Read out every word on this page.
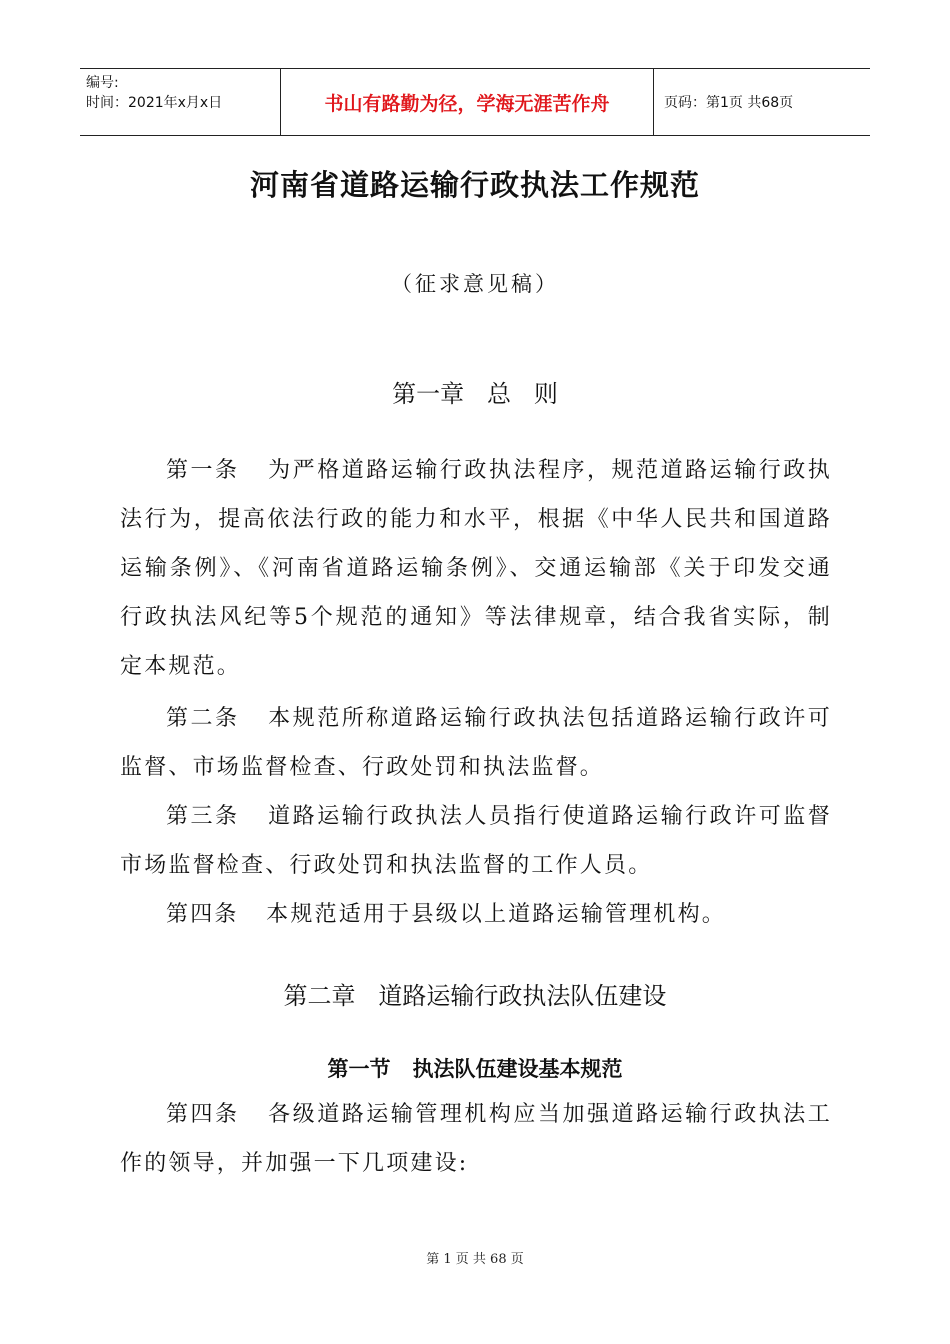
编号:
时间：2021年x月x日	书山有路勤为径，学海无涯苦作舟	页码：第1页 共68页
河南省道路运输行政执法工作规范
（征求意见稿）
第一章   总   则
第一条   为严格道路运输行政执法程序，规范道路运输行政执法行为，提高依法行政的能力和水平，根据《中华人民共和国道路运输条例》、《河南省道路运输条例》、交通运输部《关于印发交通行政执法风纪等5个规范的通知》等法律规章，结合我省实际，制定本规范。
第二条   本规范所称道路运输行政执法包括道路运输行政许可监督、市场监督检查、行政处罚和执法监督。
第三条   道路运输行政执法人员指行使道路运输行政许可监督市场监督检查、行政处罚和执法监督的工作人员。
第四条   本规范适用于县级以上道路运输管理机构。
第二章   道路运输行政执法队伍建设
第一节   执法队伍建设基本规范
第四条   各级道路运输管理机构应当加强道路运输行政执法工作的领导，并加强一下几项建设:
第 1 页 共 68 页
